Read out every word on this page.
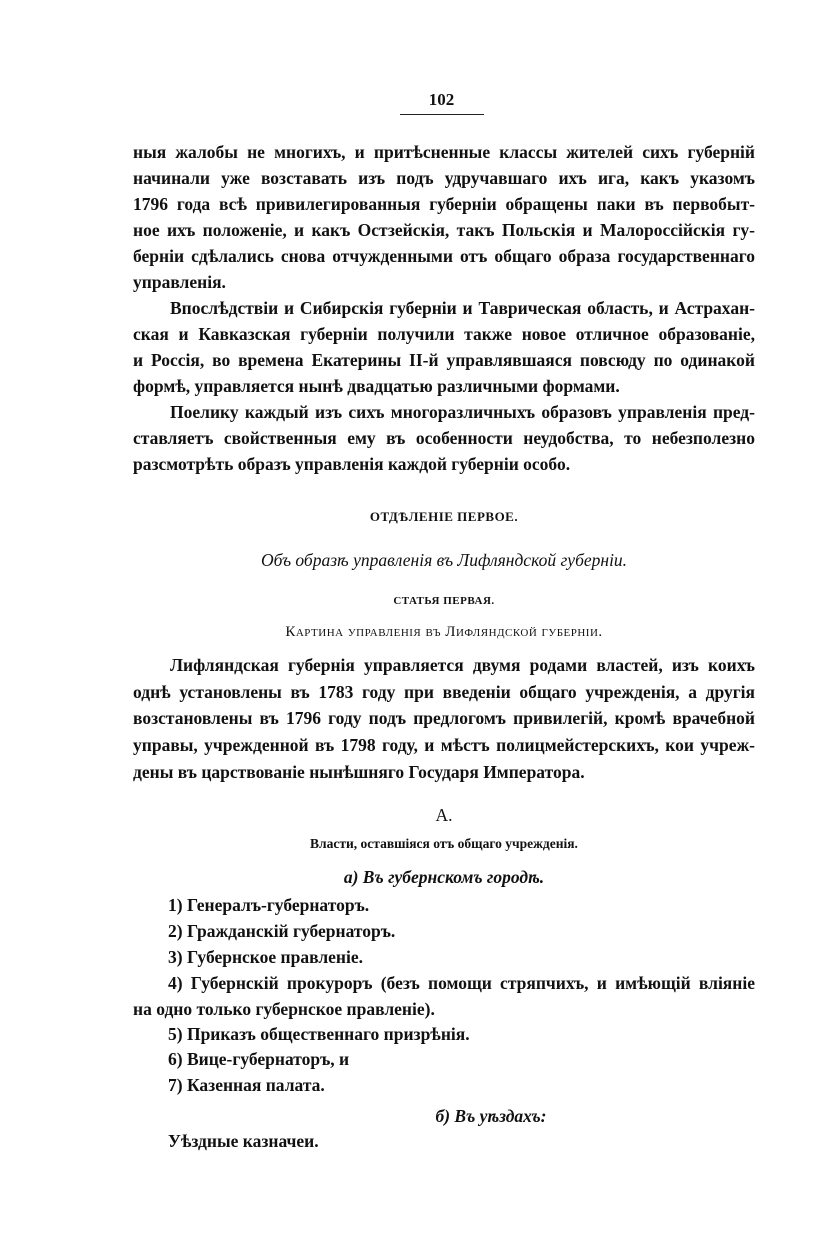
102
ныя жалобы не многихъ, и притѣсненные классы жителей сихъ губерній
начинали уже возставать изъ подъ удручавшаго ихъ ига, какъ указомъ
1796 года всѣ привилегированныя губерніи обращены паки въ первобыт-
ное ихъ положеніе, и какъ Остзейскія, такъ Польскія и Малороссійскія гу-
берніи сдѣлались снова отчужденными отъ общаго образа государственнаго
управленія.
Впослѣдствіи и Сибирскія губерніи и Таврическая область, и Астрахан-
ская и Кавказская губерніи получили также новое отличное образованіе,
и Россія, во времена Екатерины II-й управлявшаяся повсюду по одинакой
формѣ, управляется нынѣ двадцатью различными формами.
Поелику каждый изъ сихъ многоразличныхъ образовъ управленія пред-
ставляетъ свойственныя ему въ особенности неудобства, то небезполезно
разсмотрѣть образъ управленія каждой губерніи особо.
ОТДѢЛЕНІЕ ПЕРВОЕ.
Объ образѣ управленія въ Лифляндской губерніи.
СТАТЬЯ ПЕРВАЯ.
Картина управленія въ Лифляндской губерніи.
Лифляндская губернія управляется двумя родами властей, изъ коихъ
однѣ установлены въ 1783 году при введеніи общаго учрежденія, а другія
возстановлены въ 1796 году подъ предлогомъ привилегій, кромѣ врачебной
управы, учрежденной въ 1798 году, и мѣстъ полицмейстерскихъ, кои учреж-
дены въ царствованіе нынѣшняго Государя Императора.
А.
Власти, оставшіяся отъ общаго учрежденія.
а) Въ губернскомъ городѣ.
1) Генералъ-губернаторъ.
2) Гражданскій губернаторъ.
3) Губернское правленіе.
4) Губернскій прокуроръ (безъ помощи стряпчихъ, и имѣющій вліяніе
на одно только губернское правленіе).
5) Приказъ общественнаго призрѣнія.
6) Вице-губернаторъ, и
7) Казенная палата.
б) Въ уѣздахъ:
Уѣздные казначеи.
